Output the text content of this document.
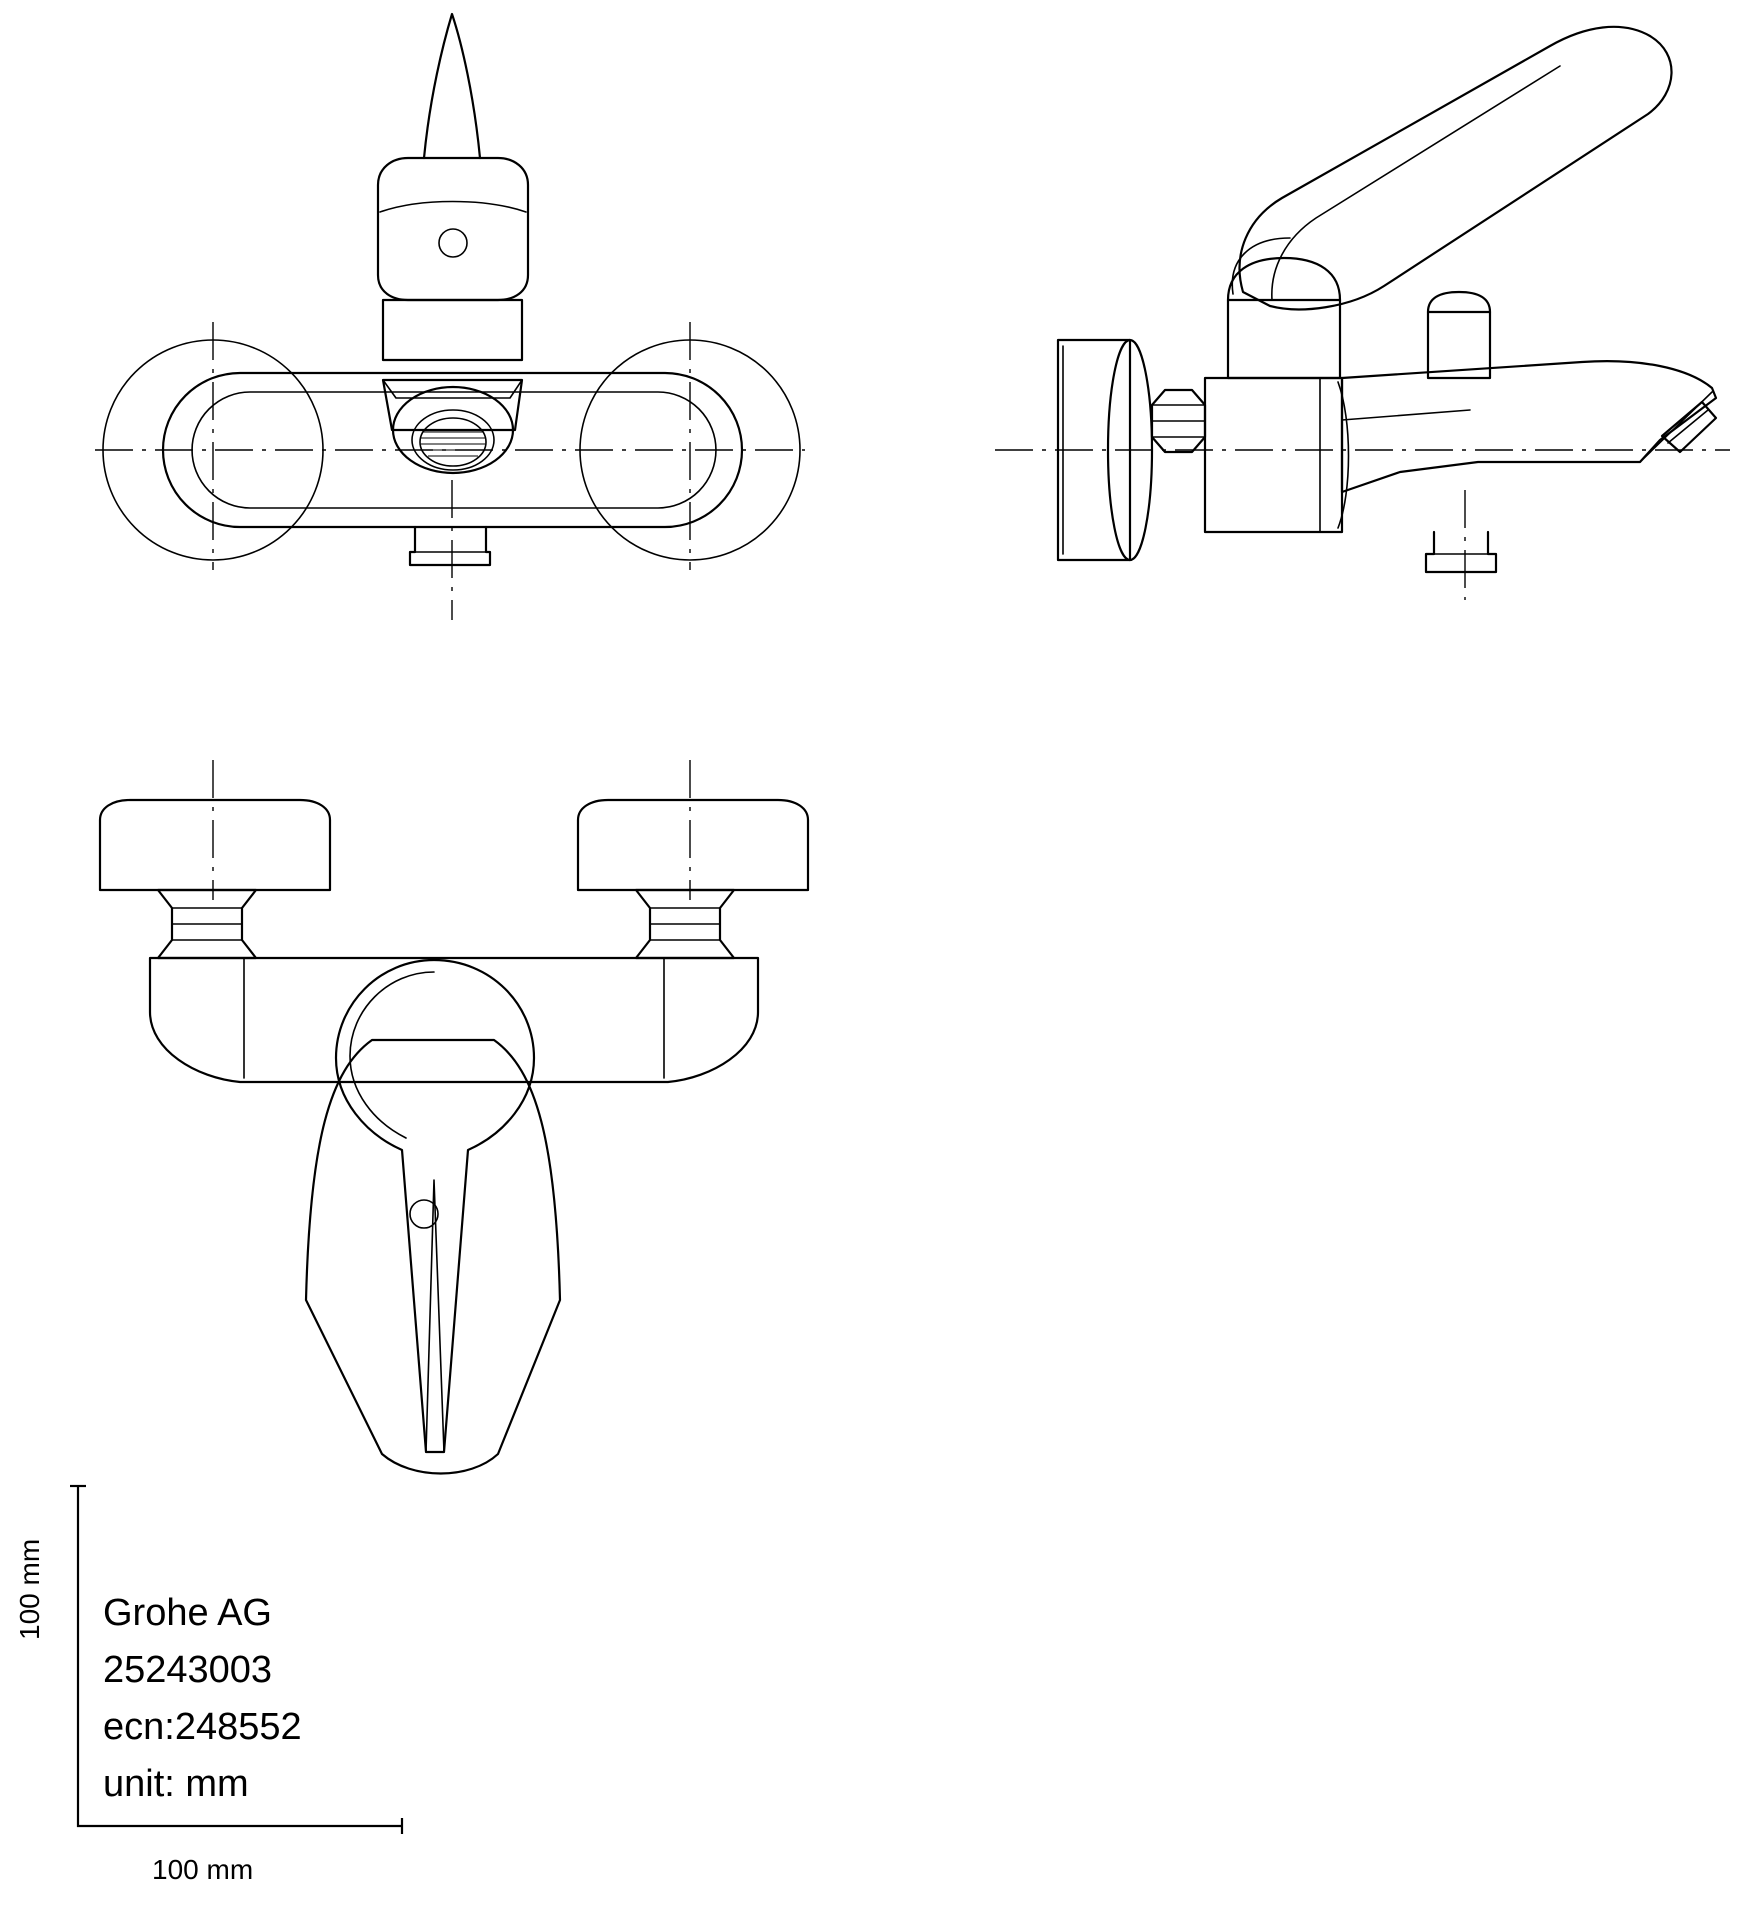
Grohe AG
25243003
ecn:248552
unit: mm
100 mm
100 mm
